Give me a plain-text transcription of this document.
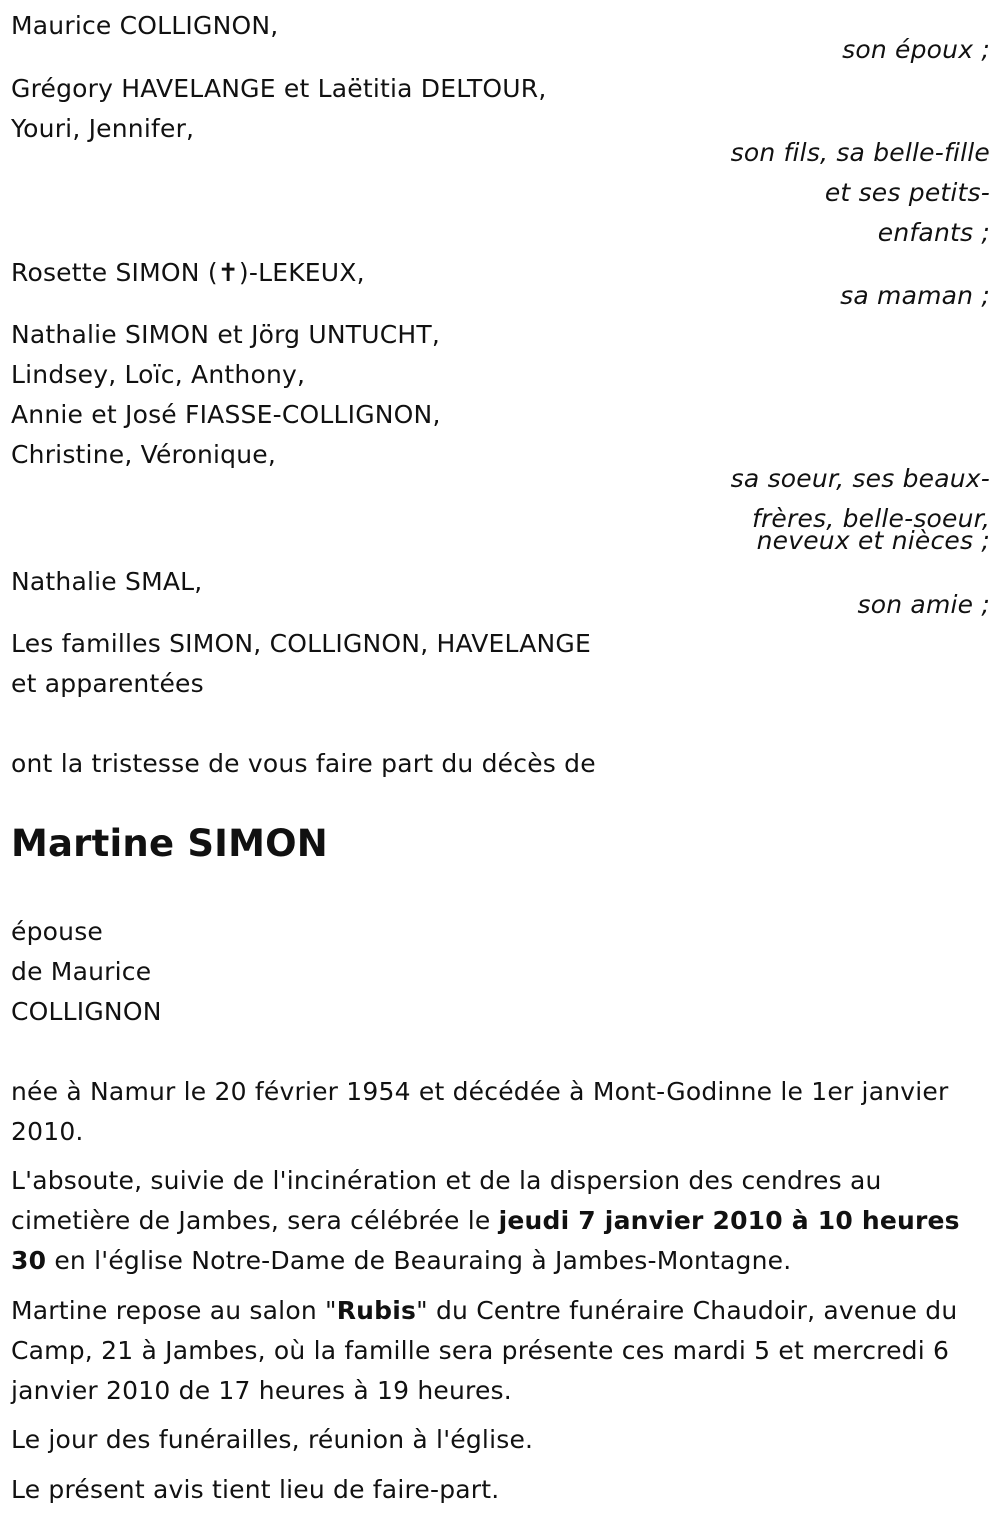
Maurice COLLIGNON,
son époux ;
Grégory HAVELANGE et Laëtitia DELTOUR,
Youri, Jennifer,
son fils, sa belle-fille
et ses petits-
enfants ;
Rosette SIMON (✝)-LEKEUX,
sa maman ;
Nathalie SIMON et Jörg UNTUCHT,
Lindsey, Loïc, Anthony,
Annie et José FIASSE-COLLIGNON,
Christine, Véronique,
sa soeur, ses beaux-
frères, belle-soeur,
neveux et nièces ;
Nathalie SMAL,
son amie ;
Les familles SIMON, COLLIGNON, HAVELANGE
et apparentées
ont la tristesse de vous faire part du décès de
Martine SIMON
épouse
de Maurice
COLLIGNON
née à Namur le 20 février 1954 et décédée à Mont-Godinne le 1er janvier 2010.
L'absoute, suivie de l'incinération et de la dispersion des cendres au cimetière de Jambes, sera célébrée le jeudi 7 janvier 2010 à 10 heures 30 en l'église Notre-Dame de Beauraing à Jambes-Montagne.
Martine repose au salon "Rubis" du Centre funéraire Chaudoir, avenue du Camp, 21 à Jambes, où la famille sera présente ces mardi 5 et mercredi 6 janvier 2010 de 17 heures à 19 heures.
Le jour des funérailles, réunion à l'église.
Le présent avis tient lieu de faire-part.
